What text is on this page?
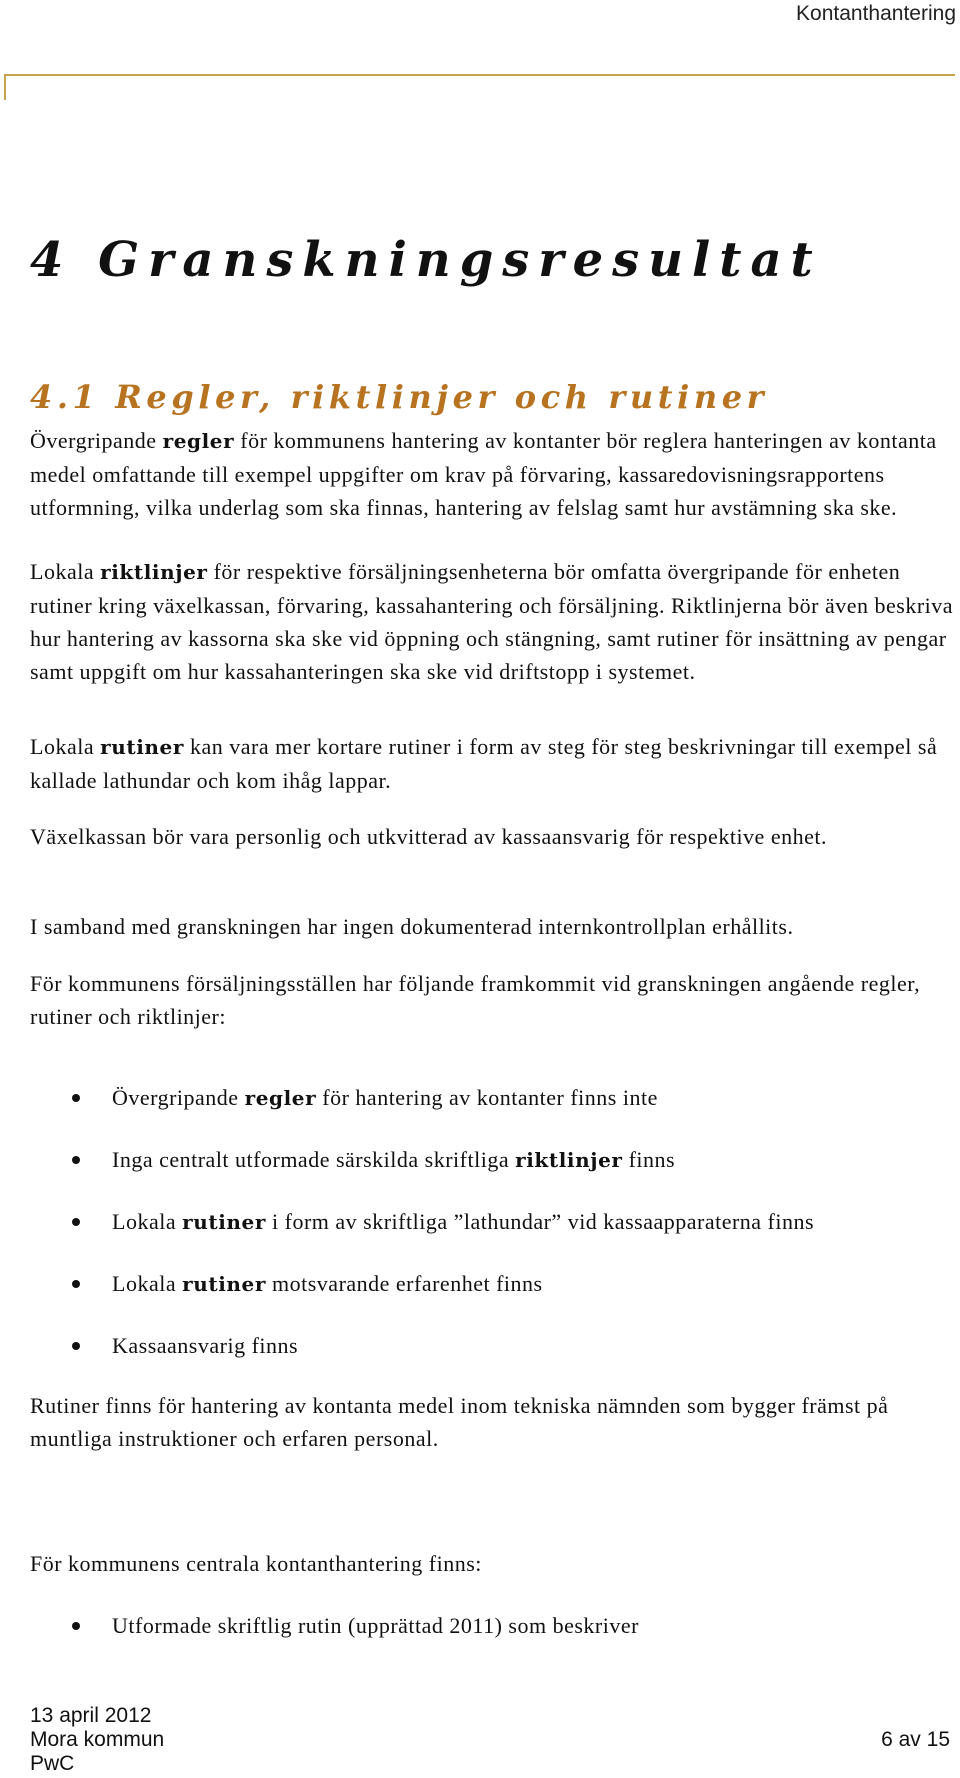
Kontanthantering
4 Granskningsresultat
4.1 Regler, riktlinjer och rutiner

Övergripande regler för kommunens hantering av kontanter bör reglera hanteringen av kontanta medel omfattande till exempel uppgifter om krav på förvaring, kassaredovisningsrapportens utformning, vilka underlag som ska finnas, hantering av felslag samt hur avstämning ska ske.

Lokala riktlinjer för respektive försäljningsenheterna bör omfatta övergripande för enheten rutiner kring växelkassan, förvaring, kassahantering och försäljning. Riktlinjerna bör även beskriva hur hantering av kassorna ska ske vid öppning och stängning, samt rutiner för insättning av pengar samt uppgift om hur kassahanteringen ska ske vid driftstopp i systemet.

Lokala rutiner kan vara mer kortare rutiner i form av steg för steg beskrivningar till exempel så kallade lathundar och kom ihåg lappar.

Växelkassan bör vara personlig och utkvitterad av kassaansvarig för respektive enhet.

I samband med granskningen har ingen dokumenterad internkontrollplan erhållits.

För kommunens försäljningsställen har följande framkommit vid granskningen angående regler, rutiner och riktlinjer:

Övergripande regler för hantering av kontanter finns inte
Inga centralt utformade särskilda skriftliga riktlinjer finns
Lokala rutiner i form av skriftliga ”lathundar” vid kassaapparaterna finns
Lokala rutiner motsvarande erfarenhet finns
Kassaansvarig finns

Rutiner finns för hantering av kontanta medel inom tekniska nämnden som bygger främst på muntliga instruktioner och erfaren personal.

För kommunens centrala kontanthantering finns:

Utformade skriftlig rutin (upprättad 2011) som beskriver
13 april 2012
Mora kommun
PwC
6 av 15
